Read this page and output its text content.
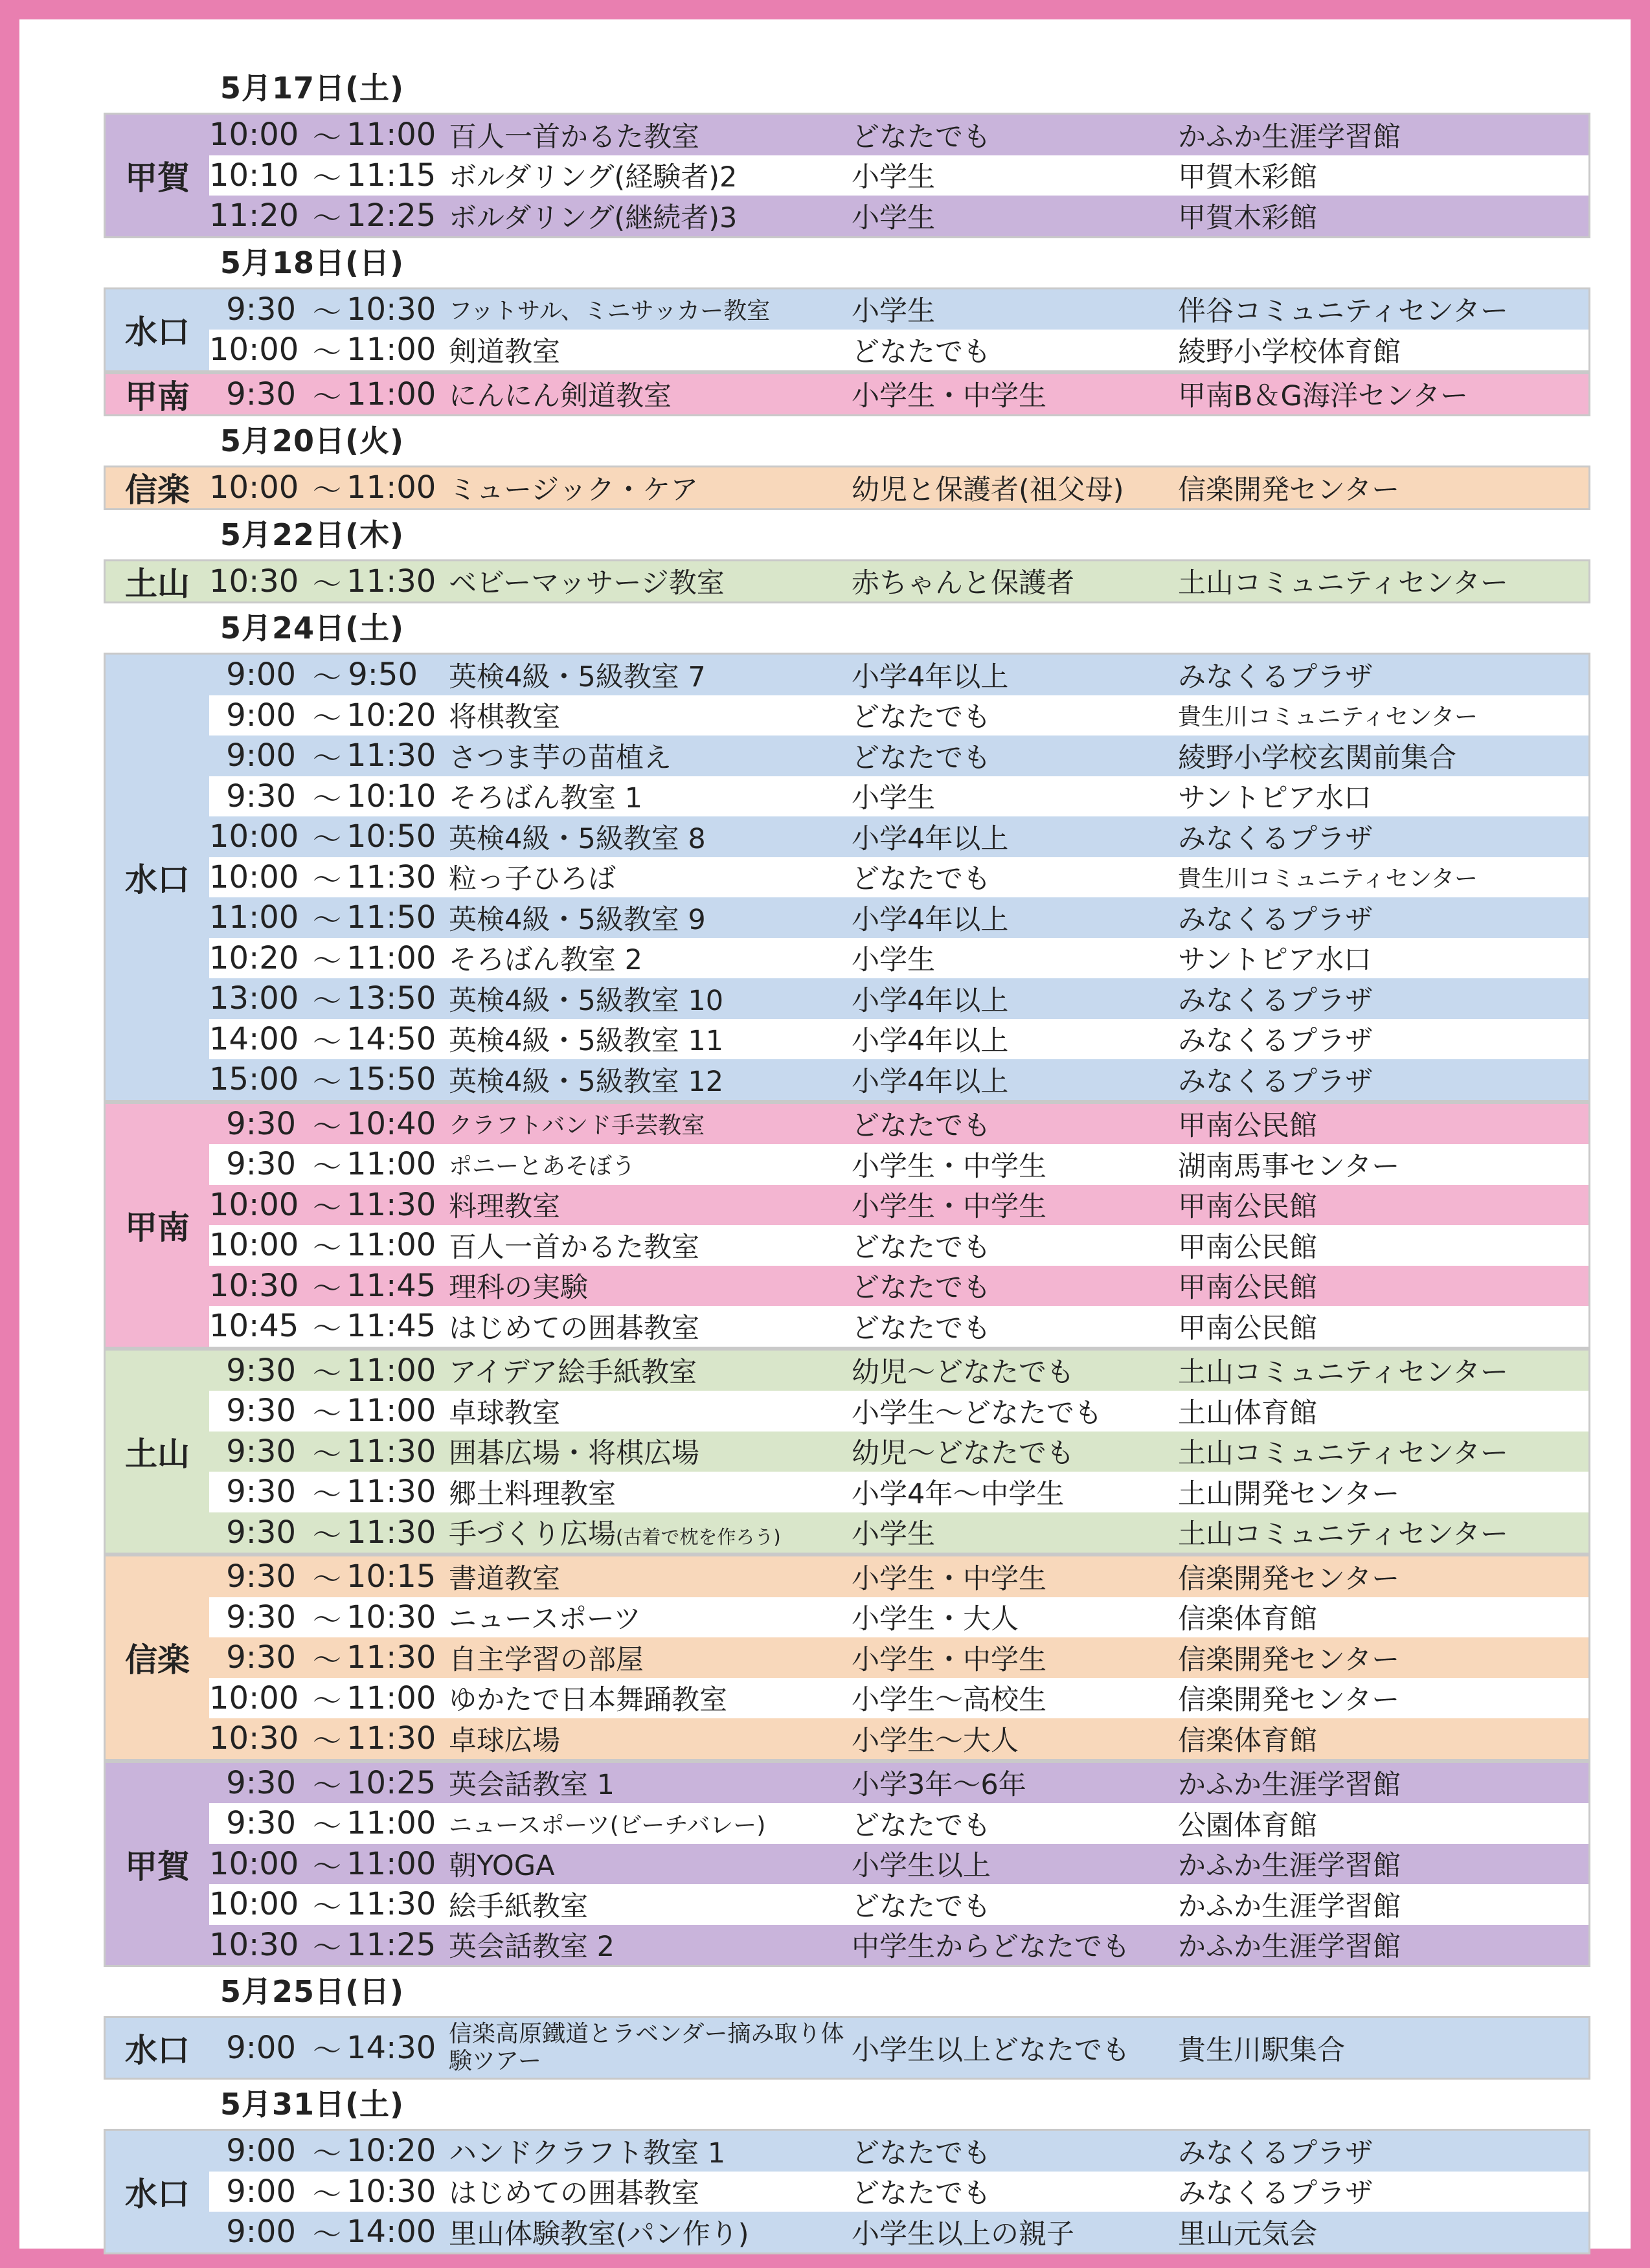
5月17日(土)
甲賀
10:00 ～ 11:00 百人一首かるた教室	どなたでも	かふか生涯学習館
10:10 ～ 11:15 ボルダリング(経験者)2	小学生	甲賀木彩館
11:20 ～ 12:25 ボルダリング(継続者)3	小学生	甲賀木彩館
5月18日(日)
水口
9:30 ～ 10:30 フットサル、ミニサッカー教室	小学生	伴谷コミュニティセンター
10:00 ～ 11:00 剣道教室	どなたでも	綾野小学校体育館
甲南	9:30 ～ 11:00 にんにん剣道教室	小学生・中学生	甲南B＆G海洋センター
5月20日(火)
信楽 10:00 ～ 11:00 ミュージック・ケア	幼児と保護者(祖父母)	信楽開発センター
5月22日(木)
土山 10:30 ～ 11:30 ベビーマッサージ教室	赤ちゃんと保護者	土山コミュニティセンター
5月24日(土)
水口
9:00 ～ 9:50	英検4級・5級教室 7	小学4年以上	みなくるプラザ
9:00 ～ 10:20 将棋教室	どなたでも	貴生川コミュニティセンター
9:00 ～ 11:30 さつま芋の苗植え	どなたでも	綾野小学校玄関前集合
9:30 ～ 10:10 そろばん教室 1	小学生	サントピア水口
10:00 ～ 10:50 英検4級・5級教室 8	小学4年以上	みなくるプラザ
10:00 ～ 11:30 粒っ子ひろば	どなたでも	貴生川コミュニティセンター
11:00 ～ 11:50 英検4級・5級教室 9	小学4年以上	みなくるプラザ
10:20 ～ 11:00 そろばん教室 2	小学生	サントピア水口
13:00 ～ 13:50 英検4級・5級教室 10	小学4年以上	みなくるプラザ
14:00 ～ 14:50 英検4級・5級教室 11	小学4年以上	みなくるプラザ
15:00 ～ 15:50 英検4級・5級教室 12	小学4年以上	みなくるプラザ
甲南
9:30 ～ 10:40 クラフトバンド手芸教室	どなたでも	甲南公民館
9:30 ～ 11:00 ポニーとあそぼう	小学生・中学生	湖南馬事センター
10:00 ～ 11:30 料理教室	小学生・中学生	甲南公民館
10:00 ～ 11:00 百人一首かるた教室	どなたでも	甲南公民館
10:30 ～ 11:45 理科の実験	どなたでも	甲南公民館
10:45 ～ 11:45 はじめての囲碁教室	どなたでも	甲南公民館
土山
9:30 ～ 11:00 アイデア絵手紙教室	幼児～どなたでも	土山コミュニティセンター
9:30 ～ 11:00 卓球教室	小学生～どなたでも	土山体育館
9:30 ～ 11:30 囲碁広場・将棋広場	幼児～どなたでも	土山コミュニティセンター
9:30 ～ 11:30 郷土料理教室	小学4年～中学生	土山開発センター
9:30 ～ 11:30 手づくり広場(古着で枕を作ろう)	小学生	土山コミュニティセンター
信楽
9:30 ～ 10:15 書道教室	小学生・中学生	信楽開発センター
9:30 ～ 10:30 ニュースポーツ	小学生・大人	信楽体育館
9:30 ～ 11:30 自主学習の部屋	小学生・中学生	信楽開発センター
10:00 ～ 11:00 ゆかたで日本舞踊教室	小学生～高校生	信楽開発センター
10:30 ～ 11:30 卓球広場	小学生～大人	信楽体育館
甲賀
9:30 ～ 10:25 英会話教室 1	小学3年～6年	かふか生涯学習館
9:30 ～ 11:00 ニュースポーツ(ビーチバレー)	どなたでも	公園体育館
10:00 ～ 11:00 朝YOGA	小学生以上	かふか生涯学習館
10:00 ～ 11:30 絵手紙教室	どなたでも	かふか生涯学習館
10:30 ～ 11:25 英会話教室 2	中学生からどなたでも	かふか生涯学習館
5月25日(日)
水口	9:00 ～ 14:30 信楽高原鐵道とラベンダー摘み取り体験ツアー	小学生以上どなたでも	貴生川駅集合
5月31日(土)
水口
9:00 ～ 10:20 ハンドクラフト教室 1	どなたでも	みなくるプラザ
9:00 ～ 10:30 はじめての囲碁教室	どなたでも	みなくるプラザ
9:00 ～ 14:00 里山体験教室(パン作り)	小学生以上の親子	里山元気会
